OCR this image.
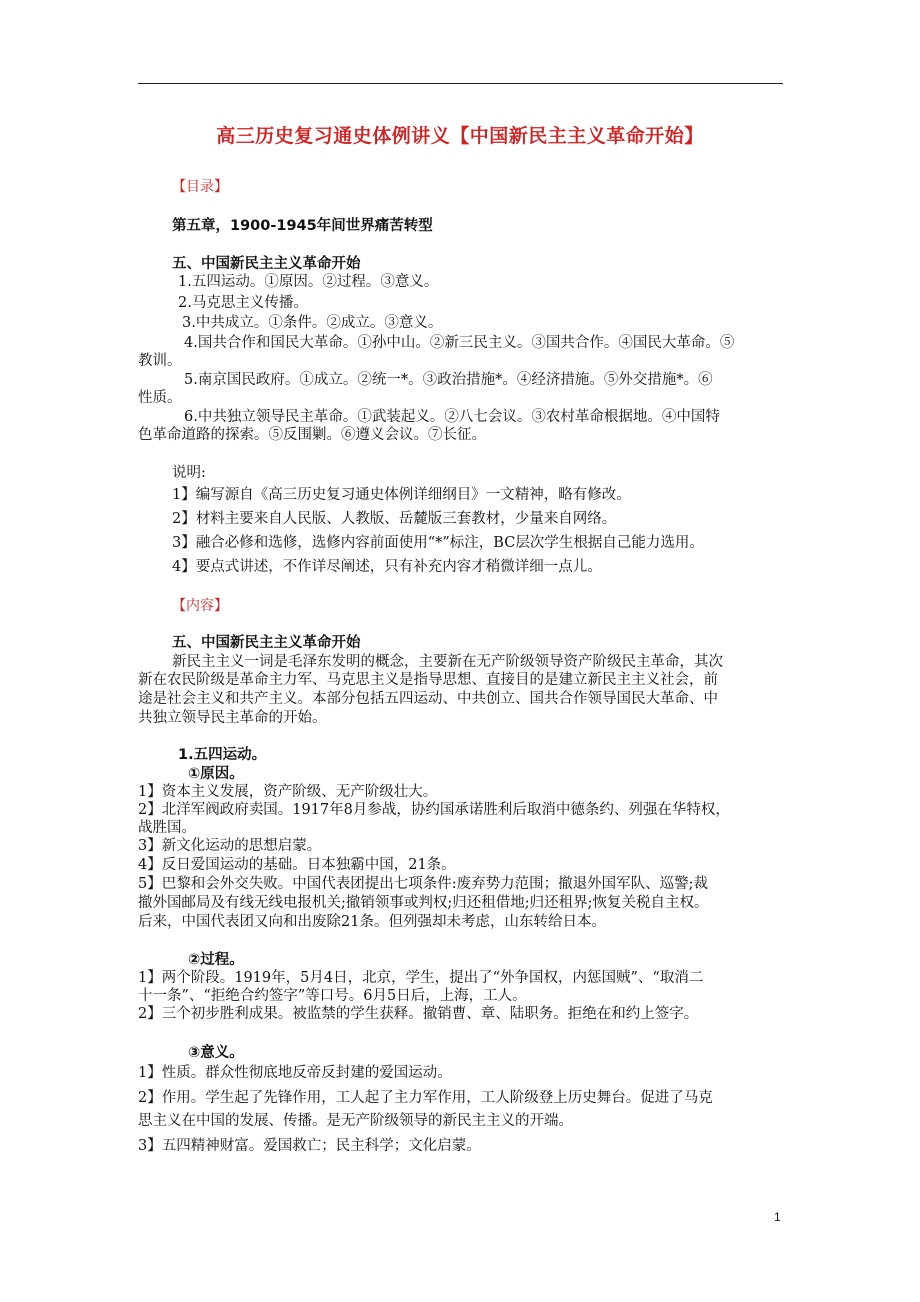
高三历史复习通史体例讲义【中国新民主主义革命开始】
【目录】
第五章，1900-1945年间世界痛苦转型
五、中国新民主主义革命开始
1.五四运动。①原因。②过程。③意义。
2.马克思主义传播。
3.中共成立。①条件。②成立。③意义。
4.国共合作和国民大革命。①孙中山。②新三民主义。③国共合作。④国民大革命。⑤
教训。
5.南京国民政府。①成立。②统一*。③政治措施*。④经济措施。⑤外交措施*。⑥
性质。
6.中共独立领导民主革命。①武装起义。②八七会议。③农村革命根据地。④中国特
色革命道路的探索。⑤反围剿。⑥遵义会议。⑦长征。
说明:
1】编写源自《高三历史复习通史体例详细纲目》一文精神，略有修改。
2】材料主要来自人民版、人教版、岳麓版三套教材，少量来自网络。
3】融合必修和选修，选修内容前面使用“*”标注，BC层次学生根据自己能力选用。
4】要点式讲述，不作详尽阐述，只有补充内容才稍微详细一点儿。
【内容】
五、中国新民主主义革命开始
新民主主义一词是毛泽东发明的概念，主要新在无产阶级领导资产阶级民主革命，其次
新在农民阶级是革命主力军、马克思主义是指导思想、直接目的是建立新民主主义社会，前
途是社会主义和共产主义。本部分包括五四运动、中共创立、国共合作领导国民大革命、中
共独立领导民主革命的开始。
1.五四运动。
①原因。
1】资本主义发展，资产阶级、无产阶级壮大。
2】北洋军阀政府卖国。1917年8月参战，协约国承诺胜利后取消中德条约、列强在华特权，
战胜国。
3】新文化运动的思想启蒙。
4】反日爱国运动的基础。日本独霸中国，21条。
5】巴黎和会外交失败。中国代表团提出七项条件:废弃势力范围；撤退外国军队、巡警;裁
撤外国邮局及有线无线电报机关;撤销领事或判权;归还租借地;归还租界;恢复关税自主权。
后来，中国代表团又向和出废除21条。但列强却未考虑，山东转给日本。
②过程。
1】两个阶段。1919年，5月4日，北京，学生，提出了“外争国权，内惩国贼”、“取消二
十一条”、“拒绝合约签字”等口号。6月5日后，上海，工人。
2】三个初步胜利成果。被监禁的学生获释。撤销曹、章、陆职务。拒绝在和约上签字。
③意义。
1】性质。群众性彻底地反帝反封建的爱国运动。
2】作用。学生起了先锋作用，工人起了主力军作用，工人阶级登上历史舞台。促进了马克
思主义在中国的发展、传播。是无产阶级领导的新民主主义的开端。
3】五四精神财富。爱国救亡；民主科学；文化启蒙。
1
